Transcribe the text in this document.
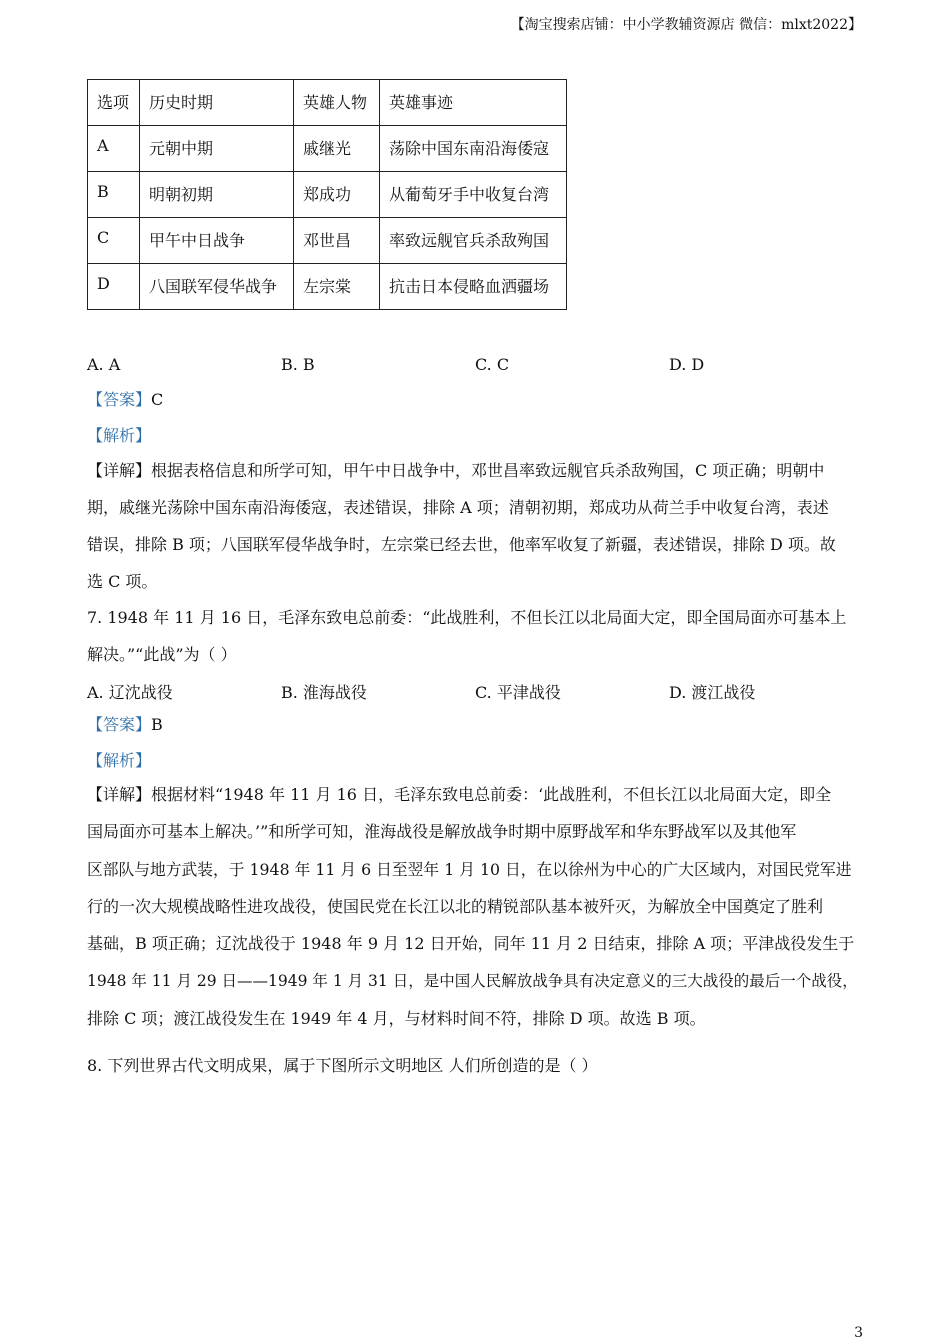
【淘宝搜索店铺：中小学教辅资源店 微信：mlxt2022】
选项	历史时期	英雄人物	英雄事迹
A	元朝中期	戚继光	荡除中国东南沿海倭寇
B	明朝初期	郑成功	从葡萄牙手中收复台湾
C	甲午中日战争	邓世昌	率致远舰官兵杀敌殉国
D	八国联军侵华战争	左宗棠	抗击日本侵略血洒疆场
A. A	B. B	C. C	D. D
【答案】C
【解析】
【详解】根据表格信息和所学可知，甲午中日战争中，邓世昌率致远舰官兵杀敌殉国，C 项正确；明朝中
期，戚继光荡除中国东南沿海倭寇，表述错误，排除 A 项；清朝初期，郑成功从荷兰手中收复台湾，表述
错误，排除 B 项；八国联军侵华战争时，左宗棠已经去世，他率军收复了新疆，表述错误，排除 D 项。故
选 C 项。
7. 1948 年 11 月 16 日，毛泽东致电总前委：“此战胜利，不但长江以北局面大定，即全国局面亦可基本上
解决。”“此战”为（ ）
A. 辽沈战役	B. 淮海战役	C. 平津战役	D. 渡江战役
【答案】B
【解析】
【详解】根据材料“1948 年 11 月 16 日，毛泽东致电总前委：‘此战胜利，不但长江以北局面大定，即全
国局面亦可基本上解决。’”和所学可知，淮海战役是解放战争时期中原野战军和华东野战军以及其他军
区部队与地方武装，于 1948 年 11 月 6 日至翌年 1 月 10 日，在以徐州为中心的广大区域内，对国民党军进
行的一次大规模战略性进攻战役，使国民党在长江以北的精锐部队基本被歼灭，为解放全中国奠定了胜利
基础，B 项正确；辽沈战役于 1948 年 9 月 12 日开始，同年 11 月 2 日结束，排除 A 项；平津战役发生于
1948 年 11 月 29 日——1949 年 1 月 31 日，是中国人民解放战争具有决定意义的三大战役的最后一个战役，
排除 C 项；渡江战役发生在 1949 年 4 月，与材料时间不符，排除 D 项。故选 B 项。
8. 下列世界古代文明成果，属于下图所示文明地区 人们所创造的是（ ）
3
